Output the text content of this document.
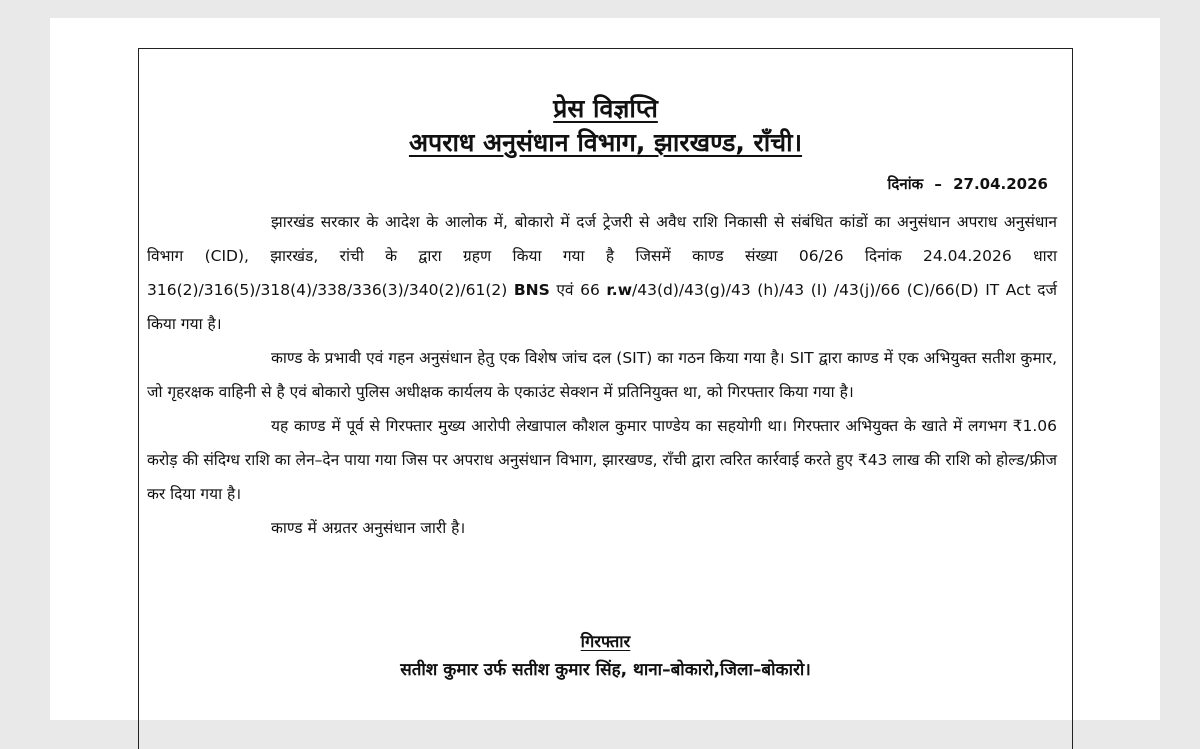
प्रेस विज्ञप्ति
अपराध अनुसंधान विभाग, झारखण्ड, राँची।
दिनांक – 27.04.2026

झारखंड सरकार के आदेश के आलोक में, बोकारो में दर्ज ट्रेजरी से अवैध राशि निकासी से संबंधित कांडों का अनुसंधान अपराध अनुसंधान विभाग (CID), झारखंड, रांची के द्वारा ग्रहण किया गया है जिसमें काण्ड संख्या 06/26 दिनांक 24.04.2026 धारा 316(2)/316(5)/318(4)/338/336(3)/340(2)/61(2) BNS एवं 66 r.w/43(d)/43(g)/43 (h)/43 (I) /43(j)/66 (C)/66(D) IT Act दर्ज किया गया है।

काण्ड के प्रभावी एवं गहन अनुसंधान हेतु एक विशेष जांच दल (SIT) का गठन किया गया है। SIT द्वारा काण्ड में एक अभियुक्त सतीश कुमार, जो गृहरक्षक वाहिनी से है एवं बोकारो पुलिस अधीक्षक कार्यलय के एकाउंट सेक्शन में प्रतिनियुक्त था, को गिरफ्तार किया गया है।

यह काण्ड में पूर्व से गिरफ्तार मुख्य आरोपी लेखापाल कौशल कुमार पाण्डेय का सहयोगी था। गिरफ्तार अभियुक्त के खाते में लगभग ₹1.06 करोड़ की संदिग्ध राशि का लेन–देन पाया गया जिस पर अपराध अनुसंधान विभाग, झारखण्ड, राँची द्वारा त्वरित कार्रवाई करते हुए ₹43 लाख की राशि को होल्ड/फ्रीज कर दिया गया है।

काण्ड में अग्रतर अनुसंधान जारी है।

गिरफ्तार
सतीश कुमार उर्फ सतीश कुमार सिंह, थाना–बोकारो,जिला–बोकारो।
